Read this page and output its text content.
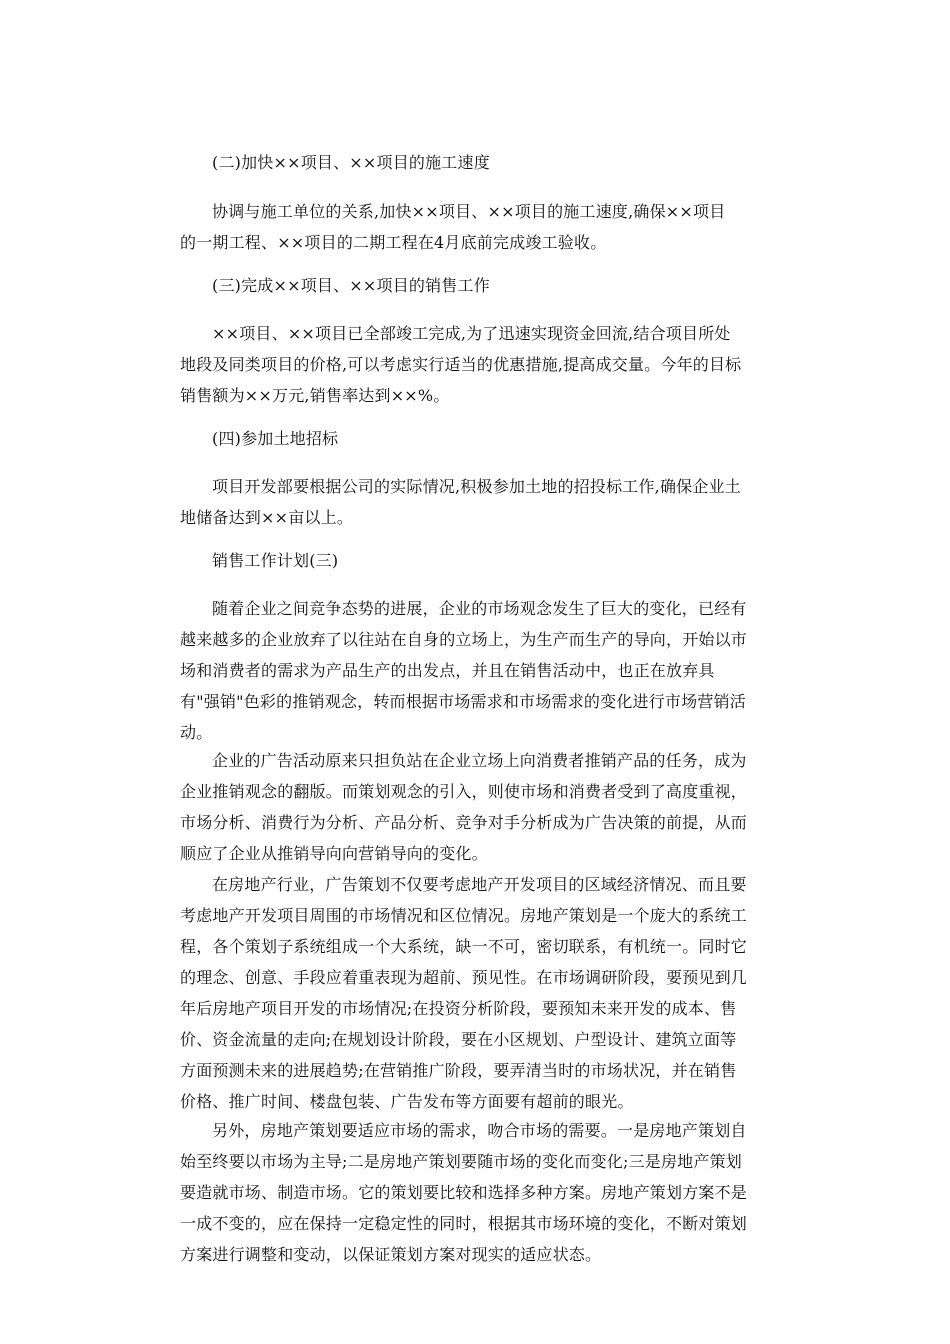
(二)加快××项目、××项目的施工速度
协调与施工单位的关系,加快××项目、××项目的施工速度,确保××项目
的一期工程、××项目的二期工程在4月底前完成竣工验收。
(三)完成××项目、××项目的销售工作
××项目、××项目已全部竣工完成,为了迅速实现资金回流,结合项目所处
地段及同类项目的价格,可以考虑实行适当的优惠措施,提高成交量。今年的目标
销售额为××万元,销售率达到××%。
(四)参加土地招标
项目开发部要根据公司的实际情况,积极参加土地的招投标工作,确保企业土
地储备达到××亩以上。
销售工作计划(三)
随着企业之间竞争态势的进展，企业的市场观念发生了巨大的变化，已经有
越来越多的企业放弃了以往站在自身的立场上，为生产而生产的导向，开始以市
场和消费者的需求为产品生产的出发点，并且在销售活动中，也正在放弃具
有"强销"色彩的推销观念，转而根据市场需求和市场需求的变化进行市场营销活
动。
企业的广告活动原来只担负站在企业立场上向消费者推销产品的任务，成为
企业推销观念的翻版。而策划观念的引入，则使市场和消费者受到了高度重视，
市场分析、消费行为分析、产品分析、竞争对手分析成为广告决策的前提，从而
顺应了企业从推销导向向营销导向的变化。
在房地产行业，广告策划不仅要考虑地产开发项目的区域经济情况、而且要
考虑地产开发项目周围的市场情况和区位情况。房地产策划是一个庞大的系统工
程，各个策划子系统组成一个大系统，缺一不可，密切联系，有机统一。同时它
的理念、创意、手段应着重表现为超前、预见性。在市场调研阶段，要预见到几
年后房地产项目开发的市场情况;在投资分析阶段，要预知未来开发的成本、售
价、资金流量的走向;在规划设计阶段，要在小区规划、户型设计、建筑立面等
方面预测未来的进展趋势;在营销推广阶段，要弄清当时的市场状况，并在销售
价格、推广时间、楼盘包装、广告发布等方面要有超前的眼光。
另外，房地产策划要适应市场的需求，吻合市场的需要。一是房地产策划自
始至终要以市场为主导;二是房地产策划要随市场的变化而变化;三是房地产策划
要造就市场、制造市场。它的策划要比较和选择多种方案。房地产策划方案不是
一成不变的，应在保持一定稳定性的同时，根据其市场环境的变化，不断对策划
方案进行调整和变动，以保证策划方案对现实的适应状态。
